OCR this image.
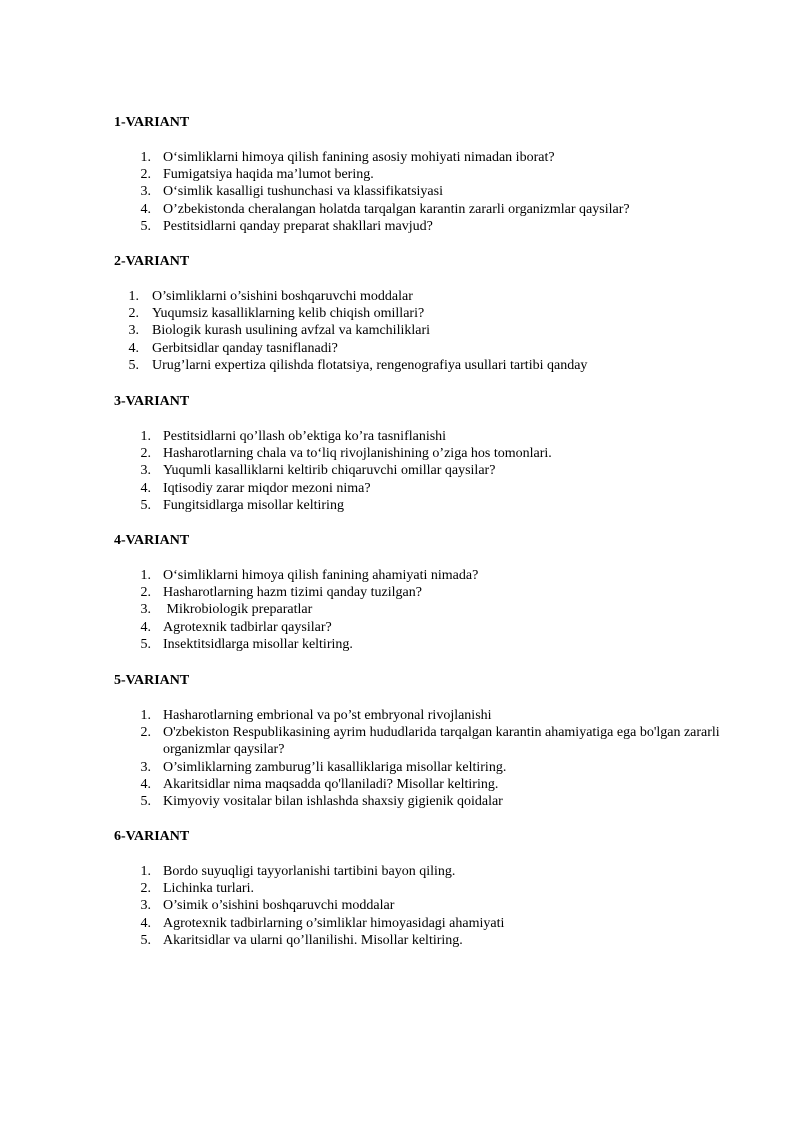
1-VARIANT
1. O‘simliklarni himoya qilish fanining asosiy mohiyati nimadan iborat?
2. Fumigatsiya haqida ma’lumot bering.
3. O‘simlik kasalligi tushunchasi va klassifikatsiyasi
4. O’zbekistonda cheralangan holatda tarqalgan karantin zararli organizmlar qaysilar?
5. Pestitsidlarni qanday preparat shakllari mavjud?
2-VARIANT
1. O’simliklarni o’sishini boshqaruvchi moddalar
2. Yuqumsiz kasalliklarning kelib chiqish omillari?
3. Biologik kurash usulining avfzal va kamchiliklari
4. Gerbitsidlar qanday tasniflanadi?
5. Urug’larni expertiza qilishda flotatsiya, rengenografiya usullari tartibi qanday
3-VARIANT
1. Pestitsidlarni qo’llash ob’ektiga ko’ra tasniflanishi
2. Hasharotlarning chala va to‘liq rivojlanishining o’ziga hos tomonlari.
3. Yuqumli kasalliklarni keltirib chiqaruvchi omillar qaysilar?
4. Iqtisodiy zarar miqdor mezoni nima?
5. Fungitsidlarga misollar keltiring
4-VARIANT
1. O‘simliklarni himoya qilish fanining ahamiyati nimada?
2. Hasharotlarning hazm tizimi qanday tuzilgan?
3. Mikrobiologik preparatlar
4. Agrotexnik tadbirlar qaysilar?
5. Insektitsidlarga misollar keltiring.
5-VARIANT
1. Hasharotlarning embrional va po’st embryonal rivojlanishi
2. O'zbekiston Respublikasining ayrim hududlarida tarqalgan karantin ahamiyatiga ega bo'lgan zararli organizmlar qaysilar?
3. O’simliklarning zamburug’li kasalliklariga misollar keltiring.
4. Akaritsidlar nima maqsadda qo'llaniladi? Misollar keltiring.
5. Kimyoviy vositalar bilan ishlashda shaxsiy gigienik qoidalar
6-VARIANT
1. Bordo suyuqligi tayyorlanishi tartibini bayon qiling.
2. Lichinka turlari.
3. O’simik o’sishini boshqaruvchi moddalar
4. Agrotexnik tadbirlarning o’simliklar himoyasidagi ahamiyati
5. Akaritsidlar va ularni qo’llanilishi. Misollar keltiring.
